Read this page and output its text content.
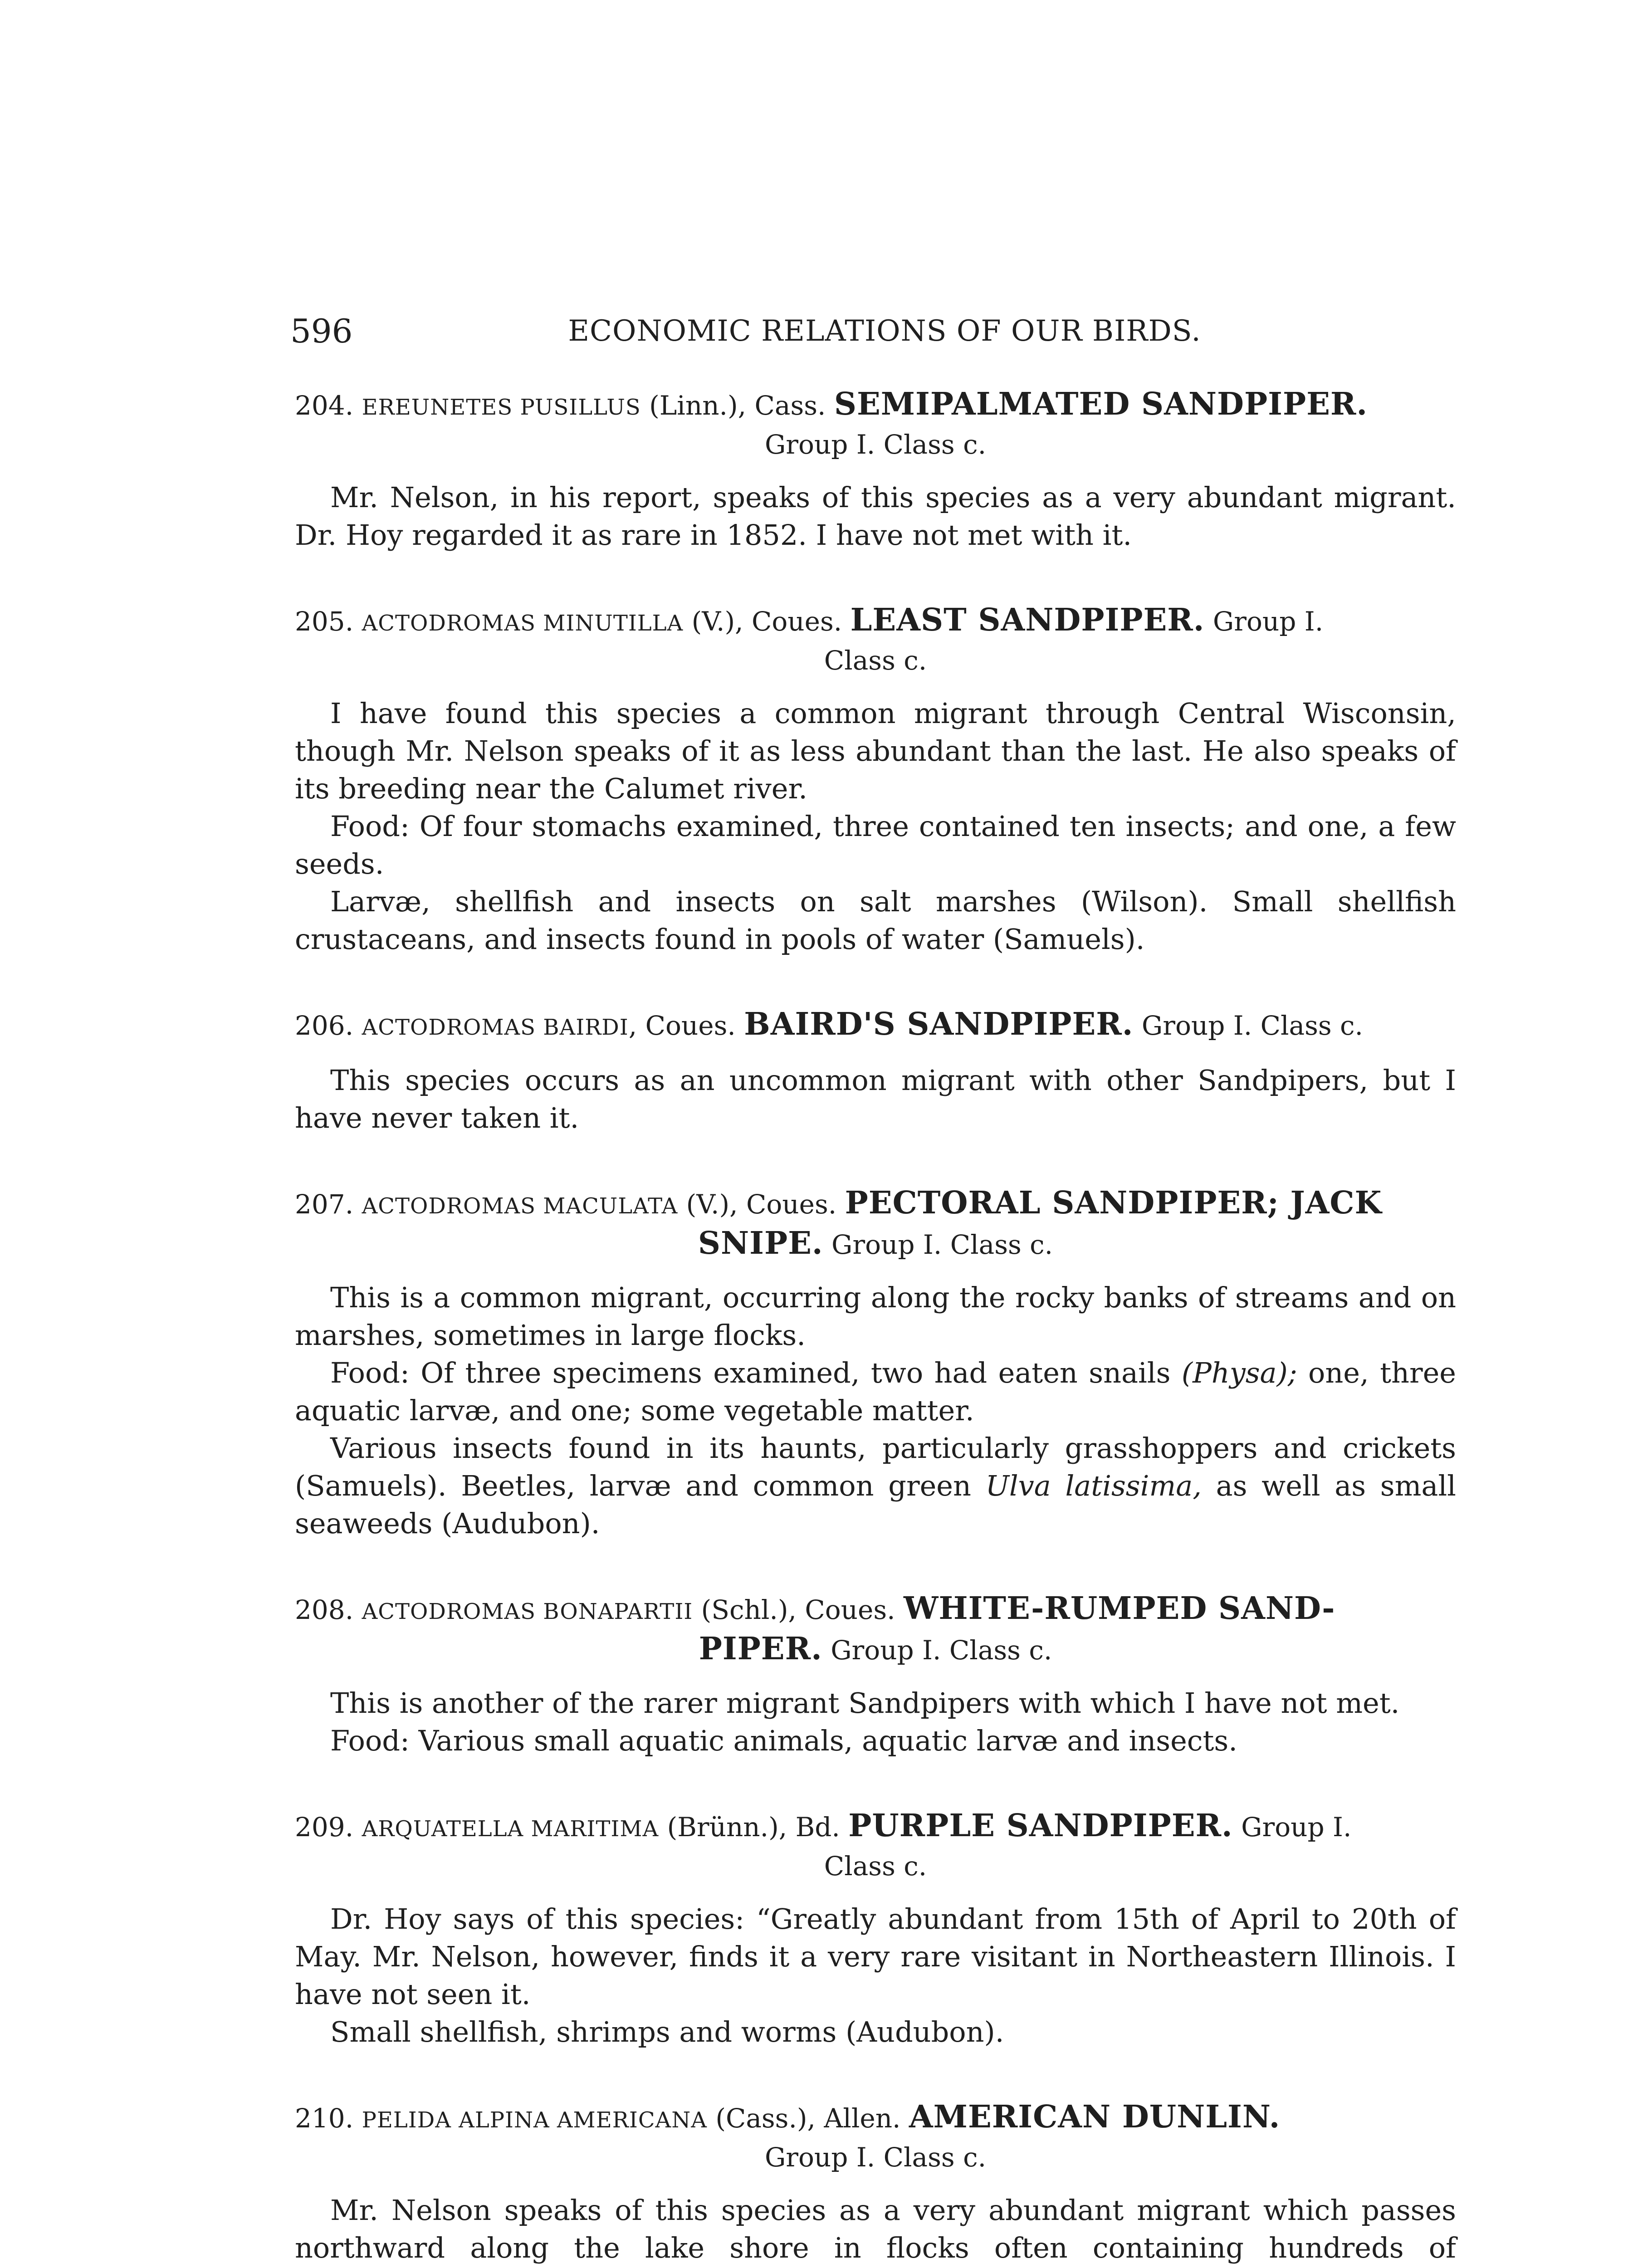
596	ECONOMIC RELATIONS OF OUR BIRDS.
204. EREUNETES PUSILLUS (Linn.), Cass. SEMIPALMATED SANDPIPER.
Group I. Class c.

Mr. Nelson, in his report, speaks of this species as a very abundant migrant. Dr. Hoy regarded it as rare in 1852. I have not met with it.

205. ACTODROMAS MINUTILLA (V.), Coues. LEAST SANDPIPER. Group I.
Class c.

I have found this species a common migrant through Central Wisconsin, though Mr. Nelson speaks of it as less abundant than the last. He also speaks of its breeding near the Calumet river.

Food: Of four stomachs examined, three contained ten insects; and one, a few seeds.

Larvæ, shellfish and insects on salt marshes (Wilson). Small shellfish crustaceans, and insects found in pools of water (Samuels).

206. ACTODROMAS BAIRDI, Coues. BAIRD'S SANDPIPER. Group I. Class c.

This species occurs as an uncommon migrant with other Sandpipers, but I have never taken it.

207. ACTODROMAS MACULATA (V.), Coues. PECTORAL SANDPIPER; JACK
SNIPE. Group I. Class c.

This is a common migrant, occurring along the rocky banks of streams and on marshes, sometimes in large flocks.

Food: Of three specimens examined, two had eaten snails (Physa); one, three aquatic larvæ, and one; some vegetable matter.

Various insects found in its haunts, particularly grasshoppers and crickets (Samuels). Beetles, larvæ and common green Ulva latissima, as well as small seaweeds (Audubon).

208. ACTODROMAS BONAPARTII (Schl.), Coues. WHITE-RUMPED SAND-
PIPER. Group I. Class c.

This is another of the rarer migrant Sandpipers with which I have not met.

Food: Various small aquatic animals, aquatic larvæ and insects.

209. ARQUATELLA MARITIMA (Brünn.), Bd. PURPLE SANDPIPER. Group I.
Class c.

Dr. Hoy says of this species: “Greatly abundant from 15th of April to 20th of May. Mr. Nelson, however, finds it a very rare visitant in Northeastern Illinois. I have not seen it.

Small shellfish, shrimps and worms (Audubon).

210. PELIDA ALPINA AMERICANA (Cass.), Allen. AMERICAN DUNLIN.
Group I. Class c.

Mr. Nelson speaks of this species as a very abundant migrant which passes northward along the lake shore in flocks often containing hundreds of
